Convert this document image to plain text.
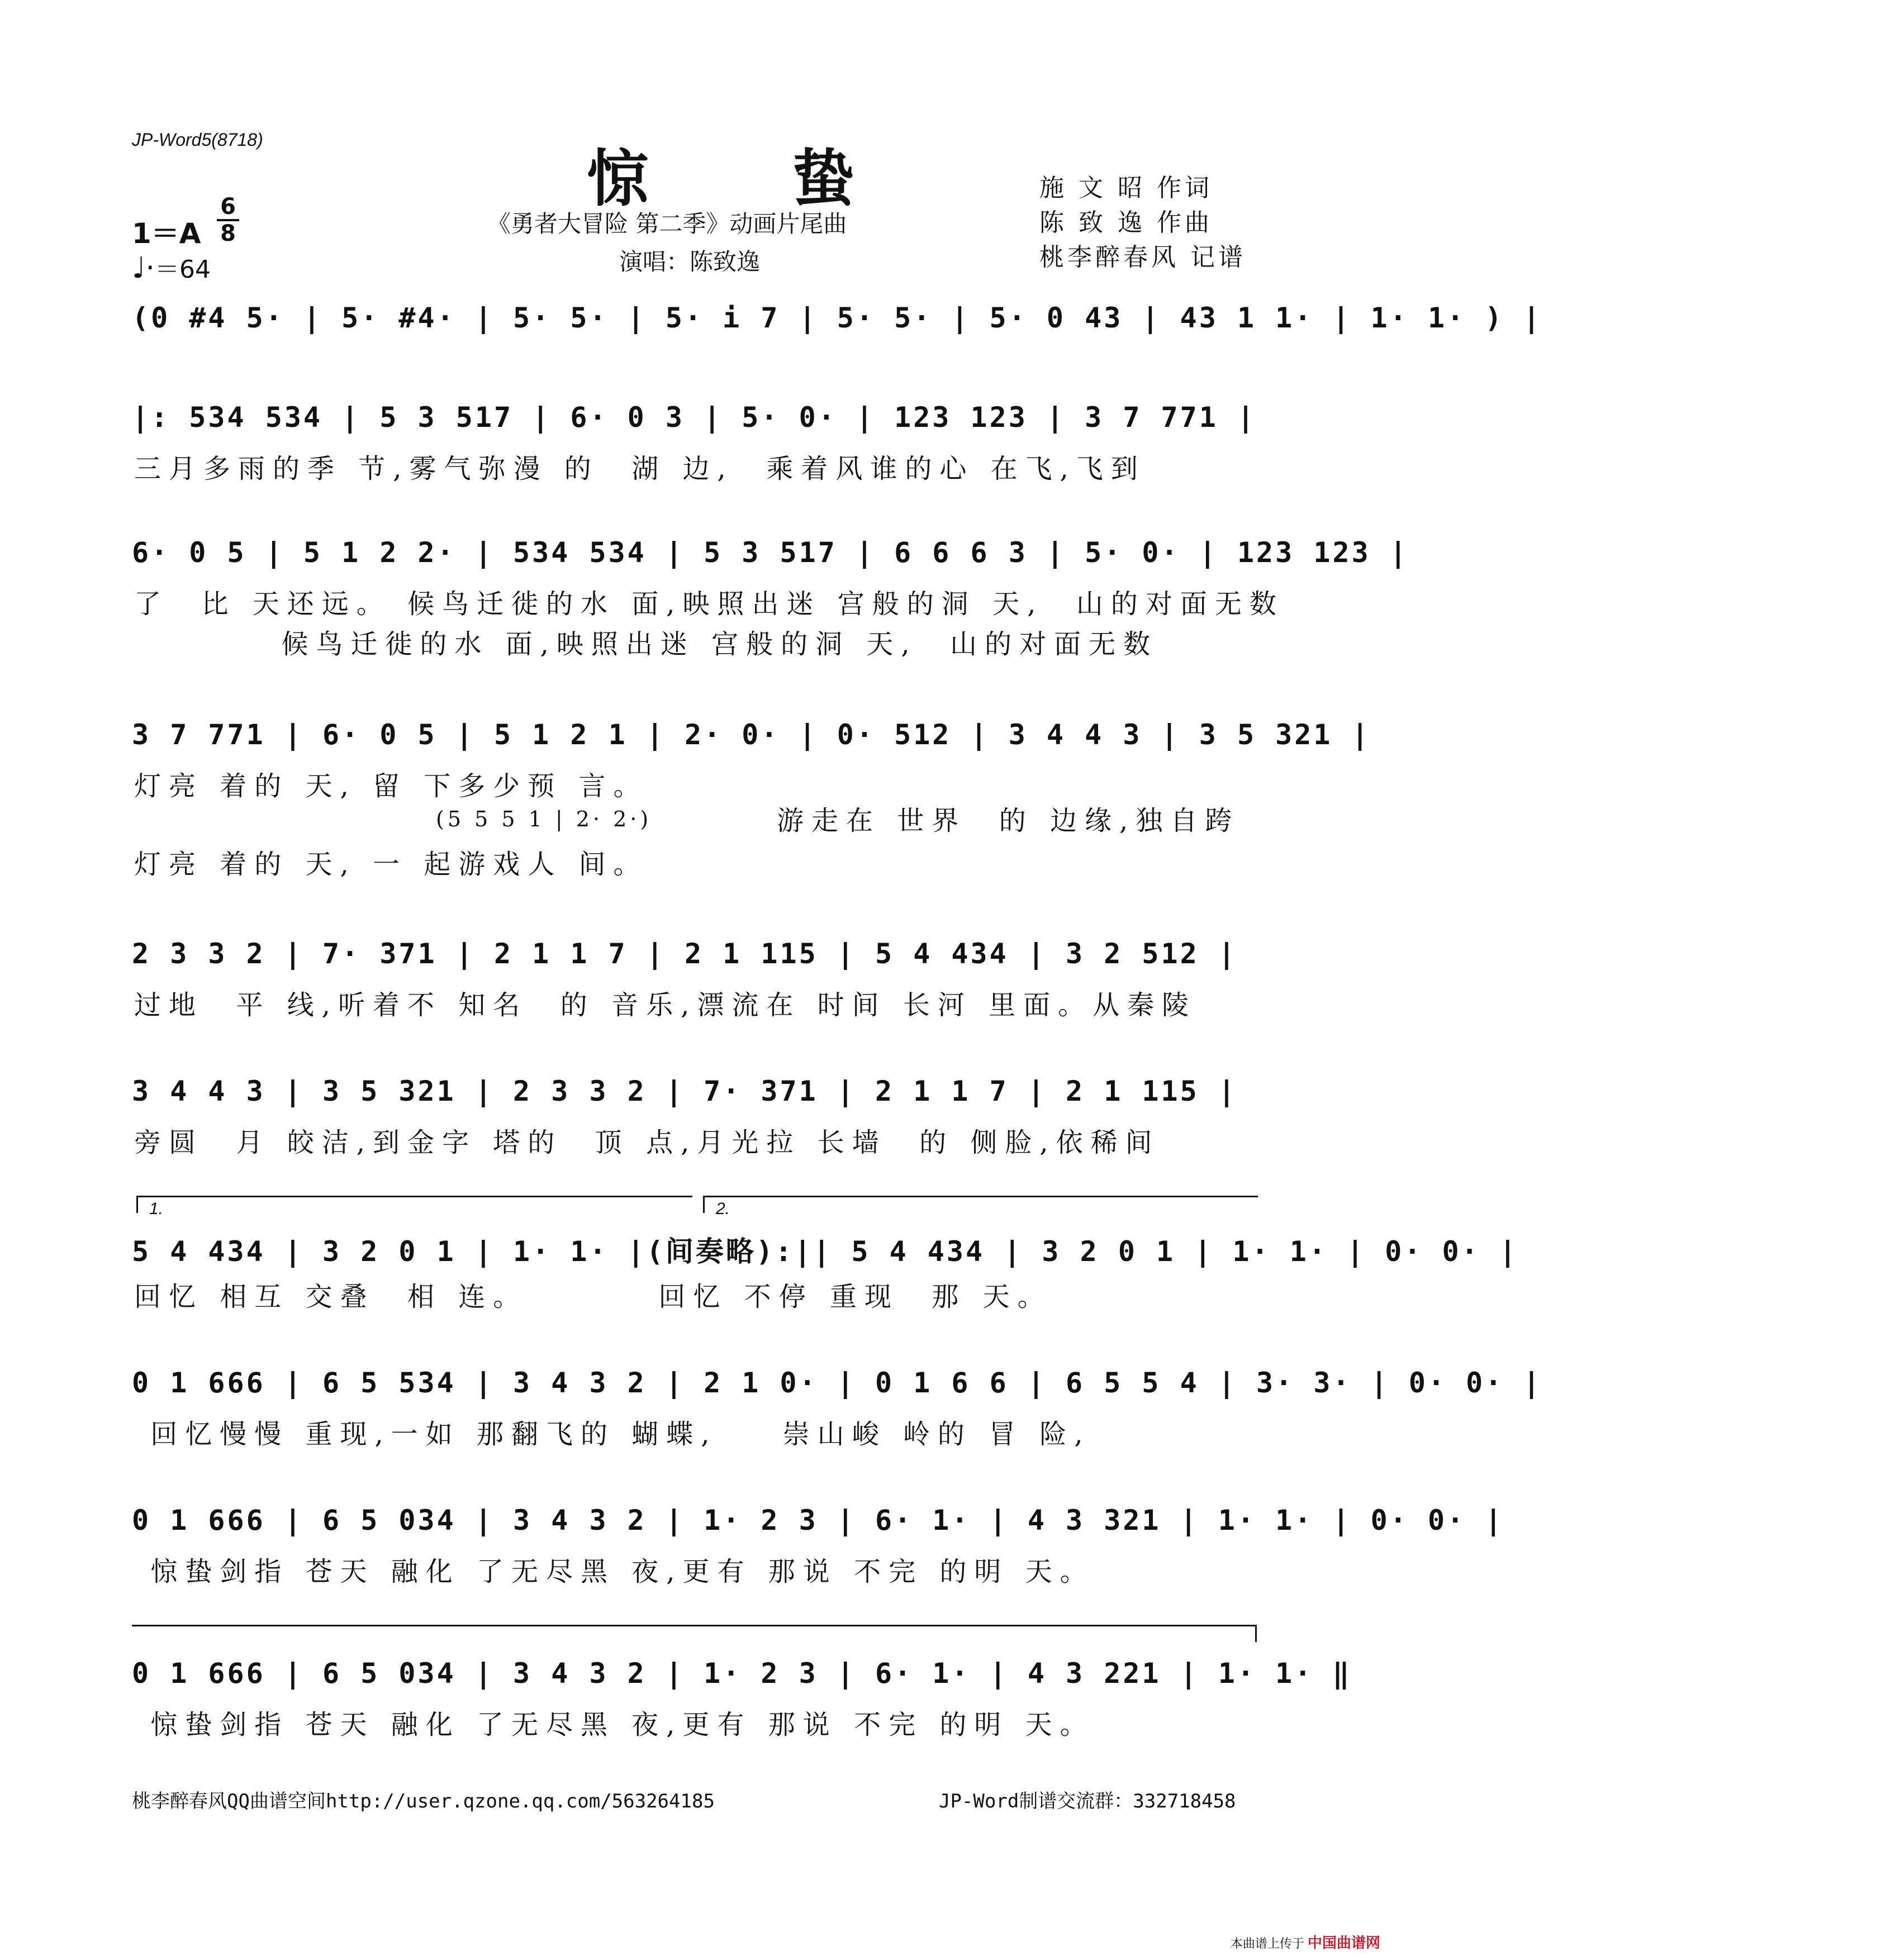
JP-Word5(8718)
惊 蛰
《勇者大冒险 第二季》动画片尾曲
演唱：陈致逸
施 文 昭 作词
陈 致 逸 作曲
桃李醉春风 记谱
1＝A
6
8
♩·＝64
(0 #4 5· | 5· #4· | 5· 5· | 5· i 7 | 5· 5· | 5· 0 43 | 43 1 1· | 1· 1· ) |
|: 534 534 | 5 3 517 | 6· 0 3 | 5· 0· | 123 123 | 3 7 771 |
三月多雨的季 节,雾气弥漫 的  湖 边,  乘着风谁的心 在飞,飞到
6· 0 5 | 5 1 2 2· | 534 534 | 5 3 517 | 6 6 6 3 | 5· 0· | 123 123 |
了  比 天还远。 候鸟迁徙的水 面,映照出迷 宫般的洞 天,  山的对面无数
候鸟迁徙的水 面,映照出迷 宫般的洞 天,  山的对面无数
3 7 771 | 6· 0 5 | 5 1 2 1 | 2· 0· | 0· 512 | 3 4 4 3 | 3 5 321 |
灯亮 着的 天, 留 下多少预 言。
(5 5 5 1 | 2· 2·)	游走在 世界  的 边缘,独自跨
灯亮 着的 天, 一 起游戏人 间。
2 3 3 2 | 7· 371 | 2 1 1 7 | 2 1 115 | 5 4 434 | 3 2 512 |
过地  平 线,听着不 知名  的 音乐,漂流在 时间 长河 里面。从秦陵
3 4 4 3 | 3 5 321 | 2 3 3 2 | 7· 371 | 2 1 1 7 | 2 1 115 |
旁圆  月 皎洁,到金字 塔的  顶 点,月光拉 长墙  的 侧脸,依稀间
1.	2.
5 4 434 | 3 2 0 1 | 1· 1· |(间奏略):|| 5 4 434 | 3 2 0 1 | 1· 1· | 0· 0· |
回忆 相互 交叠  相 连。        回忆 不停 重现  那 天。
0 1 666 | 6 5 534 | 3 4 3 2 | 2 1 0· | 0 1 6 6 | 6 5 5 4 | 3· 3· | 0· 0· |
回忆慢慢 重现,一如 那翻飞的 蝴蝶,    崇山峻 岭的 冒 险,
0 1 666 | 6 5 034 | 3 4 3 2 | 1· 2 3 | 6· 1· | 4 3 321 | 1· 1· | 0· 0· |
惊蛰剑指 苍天 融化 了无尽黑 夜,更有 那说 不完 的明 天。
0 1 666 | 6 5 034 | 3 4 3 2 | 1· 2 3 | 6· 1· | 4 3 221 | 1· 1· ‖
惊蛰剑指 苍天 融化 了无尽黑 夜,更有 那说 不完 的明 天。
桃李醉春风QQ曲谱空间http://user.qzone.qq.com/563264185	JP-Word制谱交流群：332718458
本曲谱上传于 中国曲谱网
